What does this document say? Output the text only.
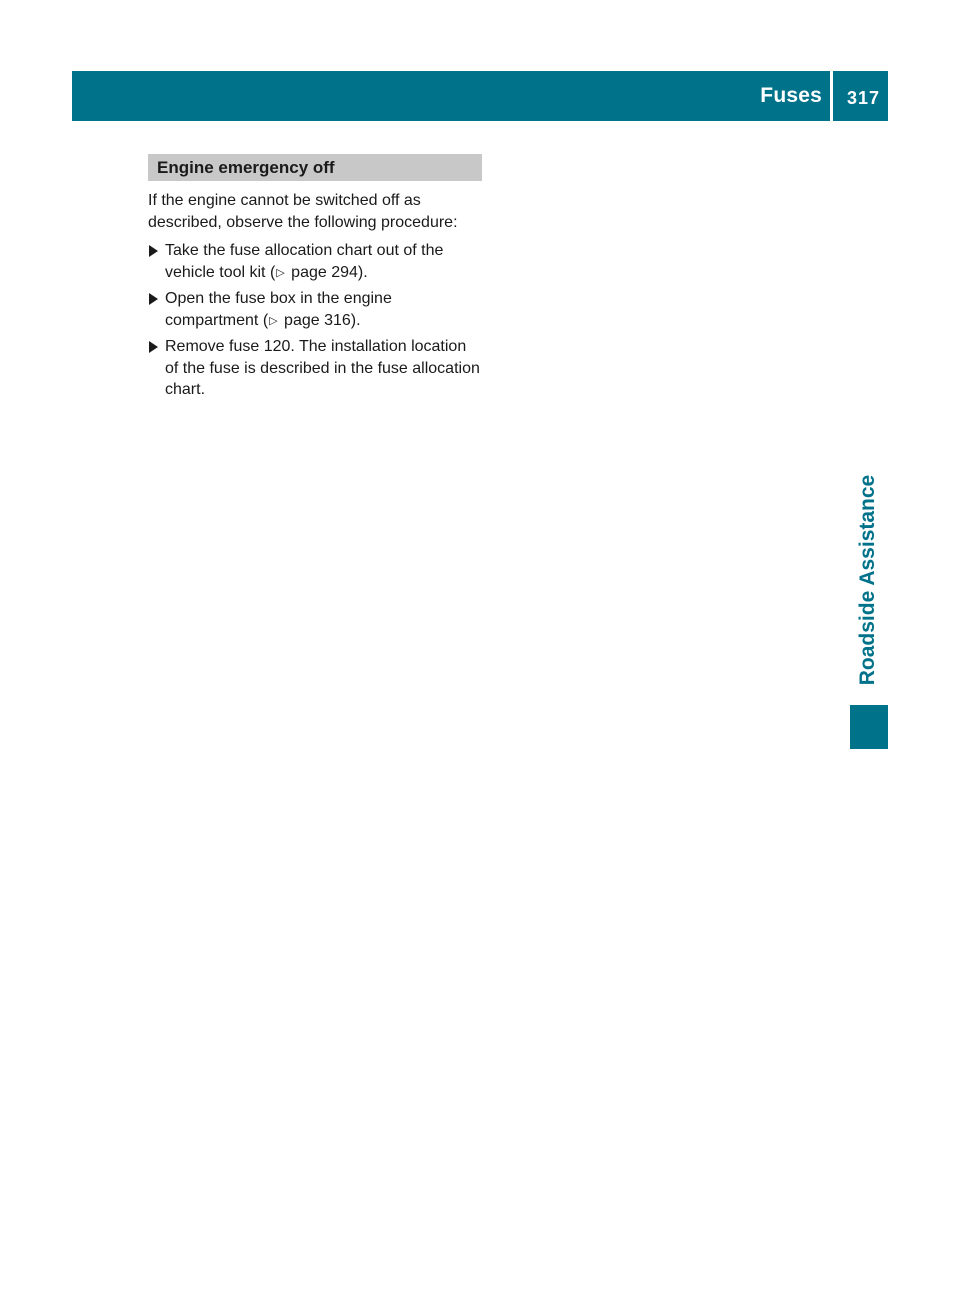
Fuses 317
Roadside Assistance
Engine emergency off

If the engine cannot be switched off as described, observe the following procedure:

Take the fuse allocation chart out of the vehicle tool kit (▷ page 294).
Open the fuse box in the engine compartment (▷ page 316).
Remove fuse 120. The installation location of the fuse is described in the fuse allocation chart.
